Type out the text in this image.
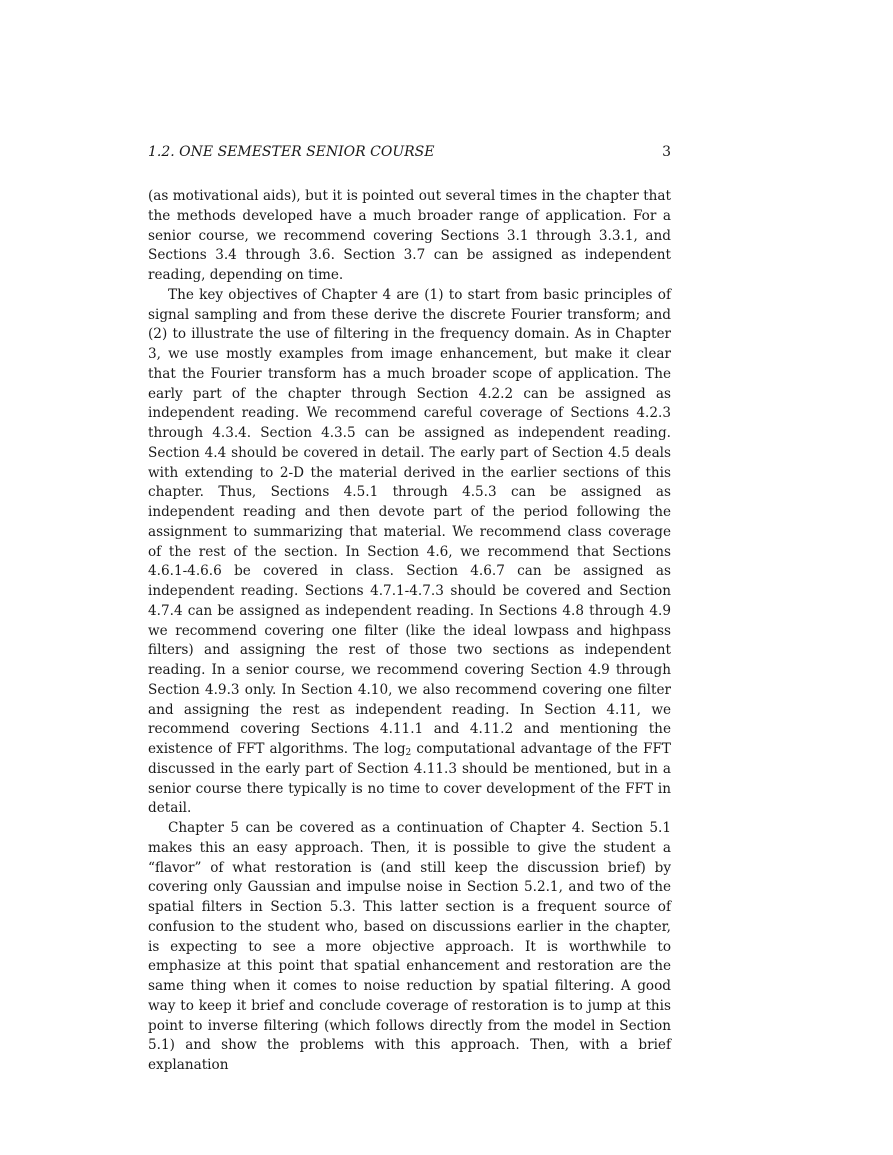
1.2. ONE SEMESTER SENIOR COURSE	3

(as motivational aids), but it is pointed out several times in the chapter that the methods developed have a much broader range of application. For a senior course, we recommend covering Sections 3.1 through 3.3.1, and Sections 3.4 through 3.6. Section 3.7 can be assigned as independent reading, depending on time.

The key objectives of Chapter 4 are (1) to start from basic principles of signal sampling and from these derive the discrete Fourier transform; and (2) to illustrate the use of filtering in the frequency domain. As in Chapter 3, we use mostly examples from image enhancement, but make it clear that the Fourier transform has a much broader scope of application. The early part of the chapter through Section 4.2.2 can be assigned as independent reading. We recommend careful coverage of Sections 4.2.3 through 4.3.4. Section 4.3.5 can be assigned as independent reading. Section 4.4 should be covered in detail. The early part of Section 4.5 deals with extending to 2-D the material derived in the earlier sections of this chapter. Thus, Sections 4.5.1 through 4.5.3 can be assigned as independent reading and then devote part of the period following the assignment to summarizing that material. We recommend class coverage of the rest of the section. In Section 4.6, we recommend that Sections 4.6.1-4.6.6 be covered in class. Section 4.6.7 can be assigned as independent reading. Sections 4.7.1-4.7.3 should be covered and Section 4.7.4 can be assigned as independent reading. In Sections 4.8 through 4.9 we recommend covering one filter (like the ideal lowpass and highpass filters) and assigning the rest of those two sections as independent reading. In a senior course, we recommend covering Section 4.9 through Section 4.9.3 only. In Section 4.10, we also recommend covering one filter and assigning the rest as independent reading. In Section 4.11, we recommend covering Sections 4.11.1 and 4.11.2 and mentioning the existence of FFT algorithms. The $\log_2$ computational advantage of the FFT discussed in the early part of Section 4.11.3 should be mentioned, but in a senior course there typically is no time to cover development of the FFT in detail.

Chapter 5 can be covered as a continuation of Chapter 4. Section 5.1 makes this an easy approach. Then, it is possible to give the student a “flavor” of what restoration is (and still keep the discussion brief) by covering only Gaussian and impulse noise in Section 5.2.1, and two of the spatial filters in Section 5.3. This latter section is a frequent source of confusion to the student who, based on discussions earlier in the chapter, is expecting to see a more objective approach. It is worthwhile to emphasize at this point that spatial enhancement and restoration are the same thing when it comes to noise reduction by spatial filtering. A good way to keep it brief and conclude coverage of restoration is to jump at this point to inverse filtering (which follows directly from the model in Section 5.1) and show the problems with this approach. Then, with a brief explanation
